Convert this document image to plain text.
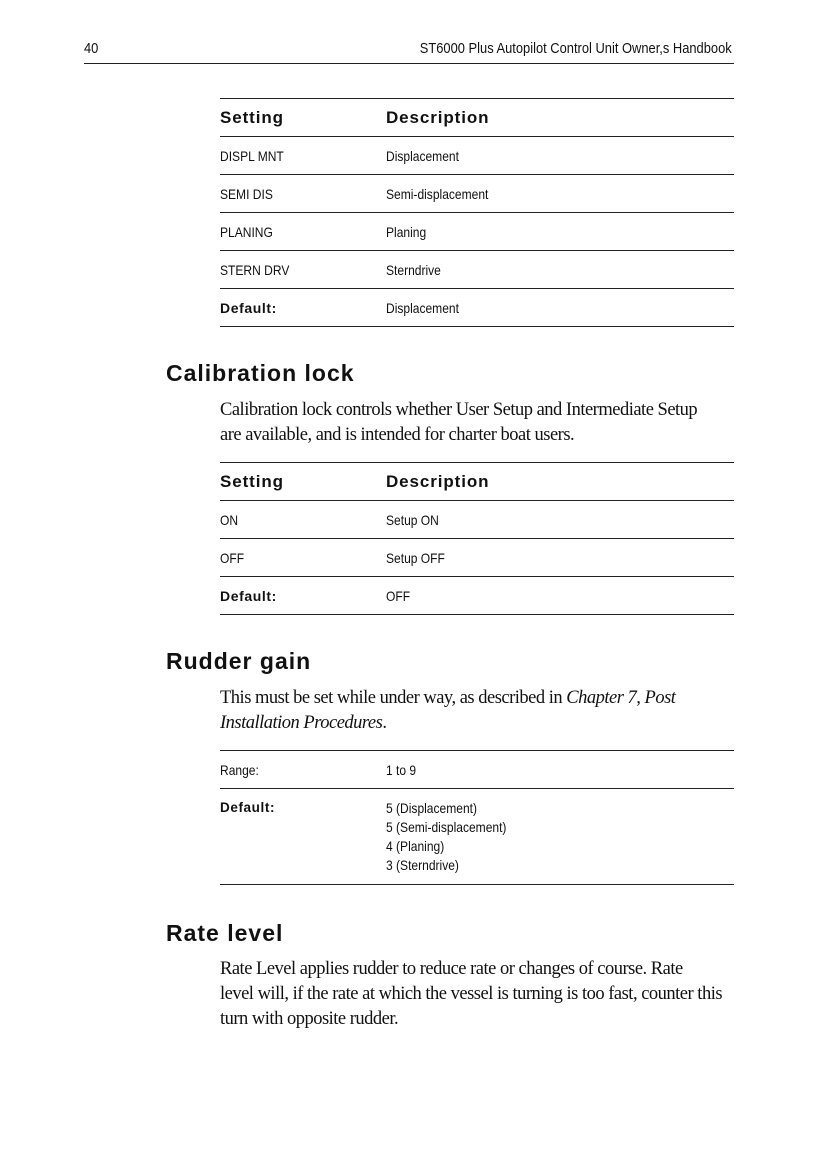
40	ST6000 Plus Autopilot Control Unit Owner,s Handbook
Setting	Description
DISPL MNT	Displacement
SEMI DIS	Semi-displacement
PLANING	Planing
STERN DRV	Sterndrive
Default:	Displacement
Calibration lock
Calibration lock controls whether User Setup and Intermediate Setup
are available, and is intended for charter boat users.
Setting	Description
ON	Setup ON
OFF	Setup OFF
Default:	OFF
Rudder gain
This must be set while under way, as described in Chapter 7, Post
Installation Procedures.
Range:	1 to 9
Default:	5 (Displacement)
5 (Semi-displacement)
4 (Planing)
3 (Sterndrive)
Rate level
Rate Level applies rudder to reduce rate or changes of course. Rate
level will, if the rate at which the vessel is turning is too fast, counter this
turn with opposite rudder.
